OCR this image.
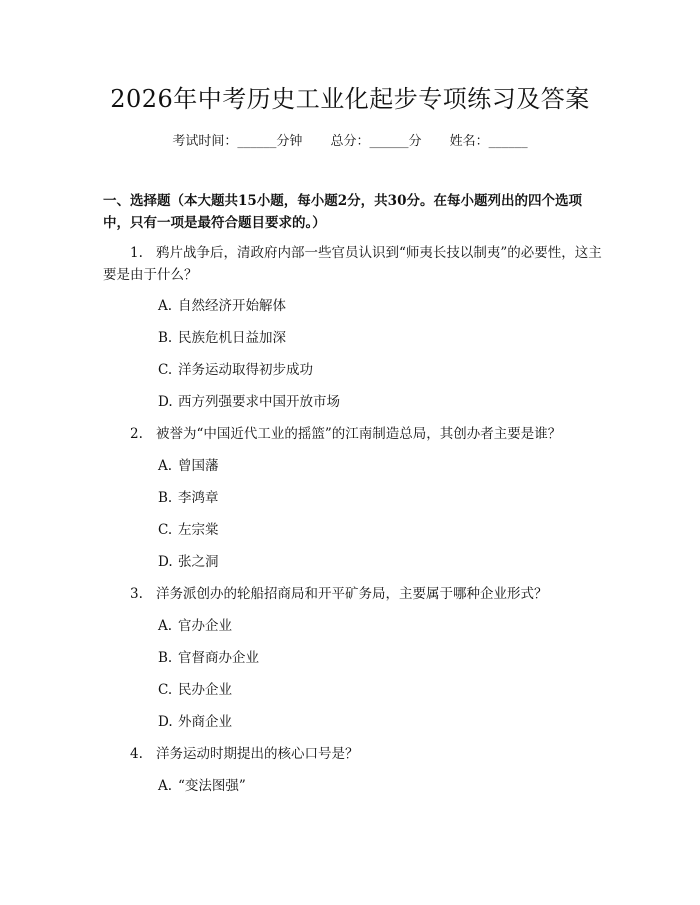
2026年中考历史工业化起步专项练习及答案
考试时间：______分钟 总分：______分 姓名：______
一、选择题（本大题共15小题，每小题2分，共30分。在每小题列出的四个选项中，只有一项是最符合题目要求的。）
1. 鸦片战争后，清政府内部一些官员认识到“师夷长技以制夷”的必要性，这主要是由于什么？
A. 自然经济开始解体
B. 民族危机日益加深
C. 洋务运动取得初步成功
D. 西方列强要求中国开放市场
2. 被誉为“中国近代工业的摇篮”的江南制造总局，其创办者主要是谁？
A. 曾国藩
B. 李鸿章
C. 左宗棠
D. 张之洞
3. 洋务派创办的轮船招商局和开平矿务局，主要属于哪种企业形式？
A. 官办企业
B. 官督商办企业
C. 民办企业
D. 外商企业
4. 洋务运动时期提出的核心口号是？
A. “变法图强”
